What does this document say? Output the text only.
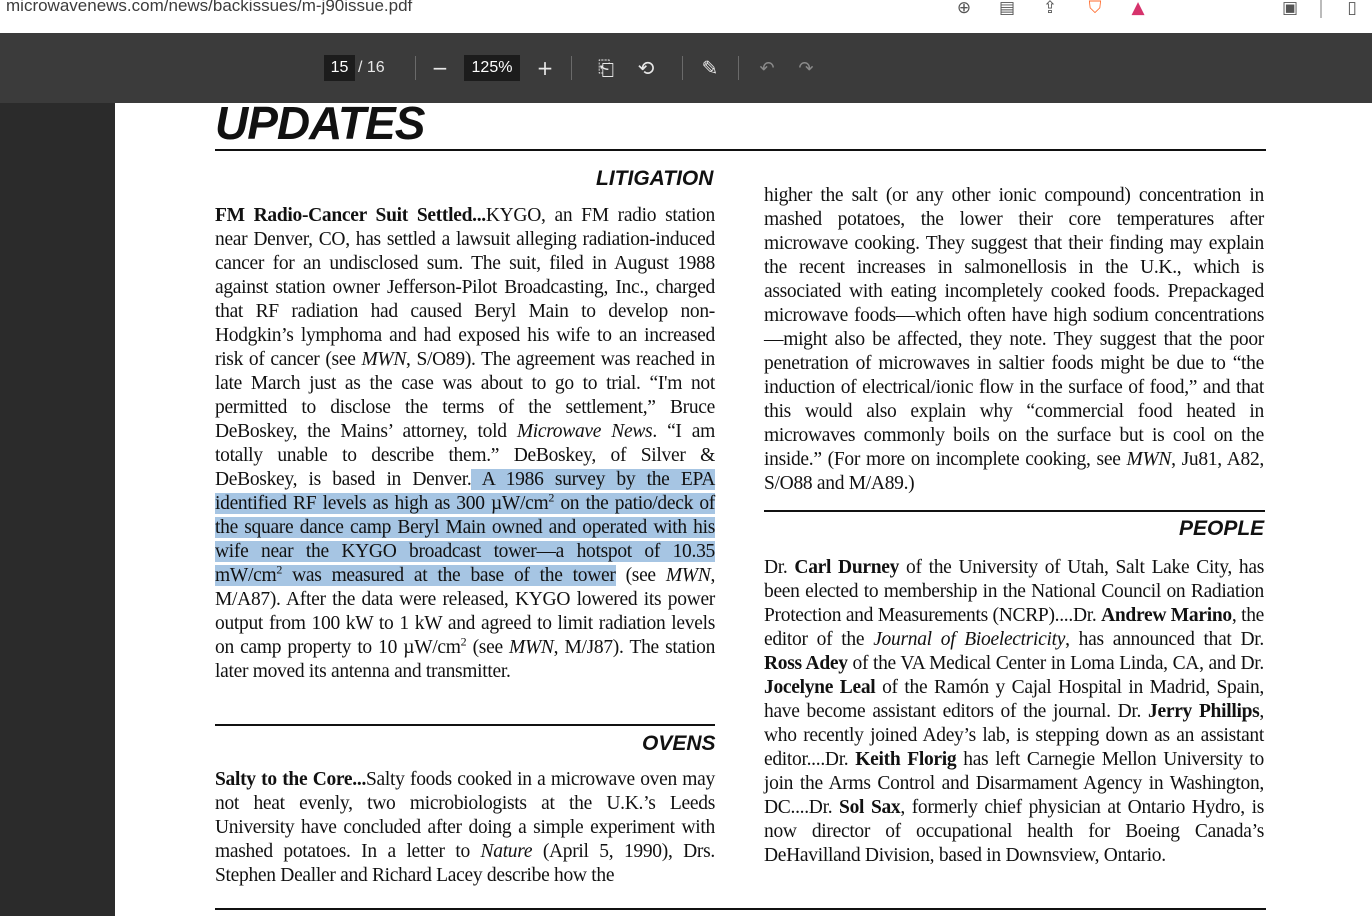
microwavenews.com/news/backissues/m-j90issue.pdf	⊕ ▤ ⇪	⛉	▲	▣	▯
15
/ 16 −
125%	+ ⎗ ⟲ ✎ ↶ ↷
UPDATES
LITIGATION
FM Radio-Cancer Suit Settled...KYGO, an FM radio station near Denver, CO, has settled a lawsuit alleging radiation-induced cancer for an undisclosed sum. The suit, filed in August 1988 against station owner Jefferson-Pilot Broadcasting, Inc., charged that RF radiation had caused Beryl Main to develop non-Hodgkin’s lymphoma and had exposed his wife to an increased risk of cancer (see MWN, S/O89). The agreement was reached in late March just as the case was about to go to trial. “I'm not permitted to disclose the terms of the settlement,” Bruce DeBoskey, the Mains’ attorney, told Microwave News. “I am totally unable to describe them.” DeBoskey, of Silver & DeBoskey, is based in Denver. A 1986 survey by the EPA identified RF levels as high as 300 $\mu W/cm^2$ on the patio/deck of the square dance camp Beryl Main owned and operated with his wife near the KYGO broadcast tower—a hotspot of 10.35 $mW/cm^2$ was measured at the base of the tower (see MWN, M/A87). After the data were released, KYGO lowered its power output from 100 kW to 1 kW and agreed to limit radiation levels on camp property to 10 $\mu W/cm^2$ (see MWN, M/J87). The station later moved its antenna and transmitter.
OVENS
Salty to the Core...Salty foods cooked in a microwave oven may not heat evenly, two microbiologists at the U.K.’s Leeds University have concluded after doing a simple experiment with mashed potatoes. In a letter to Nature (April 5, 1990), Drs. Stephen Dealler and Richard Lacey describe how the
higher the salt (or any other ionic compound) concentration in mashed potatoes, the lower their core temperatures after microwave cooking. They suggest that their finding may explain the recent increases in salmonellosis in the U.K., which is associated with eating incompletely cooked foods. Prepackaged microwave foods—which often have high sodium concentrations—might also be affected, they note. They suggest that the poor penetration of microwaves in saltier foods might be due to “the induction of electrical/ionic flow in the surface of food,” and that this would also explain why “commercial food heated in microwaves commonly boils on the surface but is cool on the inside.” (For more on incomplete cooking, see MWN, Ju81, A82, S/O88 and M/A89.)
PEOPLE
Dr. Carl Durney of the University of Utah, Salt Lake City, has been elected to membership in the National Council on Radiation Protection and Measurements (NCRP)....Dr. Andrew Marino, the editor of the Journal of Bioelectricity, has announced that Dr. Ross Adey of the VA Medical Center in Loma Linda, CA, and Dr. Jocelyne Leal of the Ramón y Cajal Hospital in Madrid, Spain, have become assistant editors of the journal. Dr. Jerry Phillips, who recently joined Adey’s lab, is stepping down as an assistant editor....Dr. Keith Florig has left Carnegie Mellon University to join the Arms Control and Disarmament Agency in Washington, DC....Dr. Sol Sax, formerly chief physician at Ontario Hydro, is now director of occupational health for Boeing Canada’s DeHavilland Division, based in Downsview, Ontario.
